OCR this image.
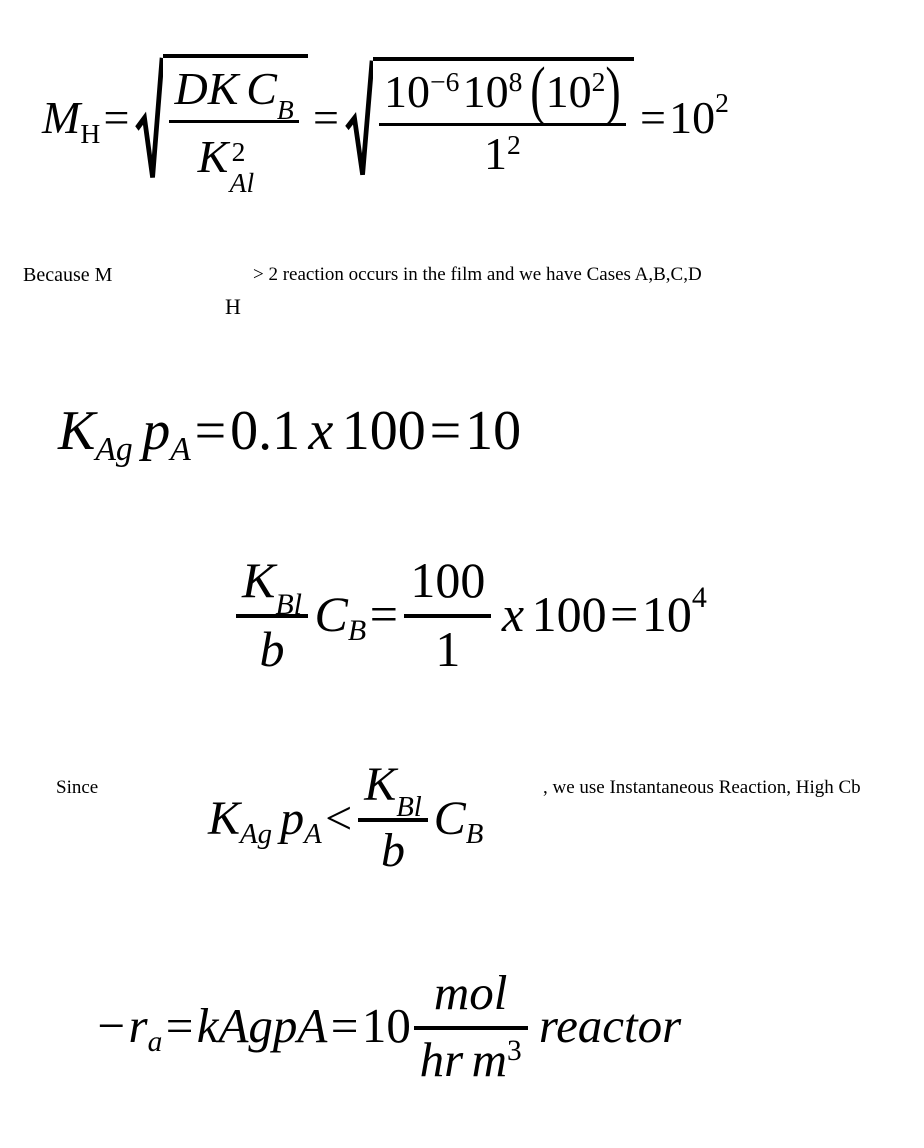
M H = DK $C_B$
K 2
$Al = \frac{10^{-6}10^8 (10^2)}{1^2} = 10$ 2
Because M	> 2 reaction occurs in the film and we have Cases A,B,C,D
H
K Ag p A = 0.1 x 100 = 10
$\frac{K_{Bl}}{b}$ C $B = \frac{100}{1}$ x 100 = 10 4
Since
K Ag p $A < \frac{K_{Bl}}{b}$ C B
, we use Instantaneous Reaction, High Cb
− r a = kAgpA = $10 \frac{\text{mol}}{hr m^3}$ reactor
